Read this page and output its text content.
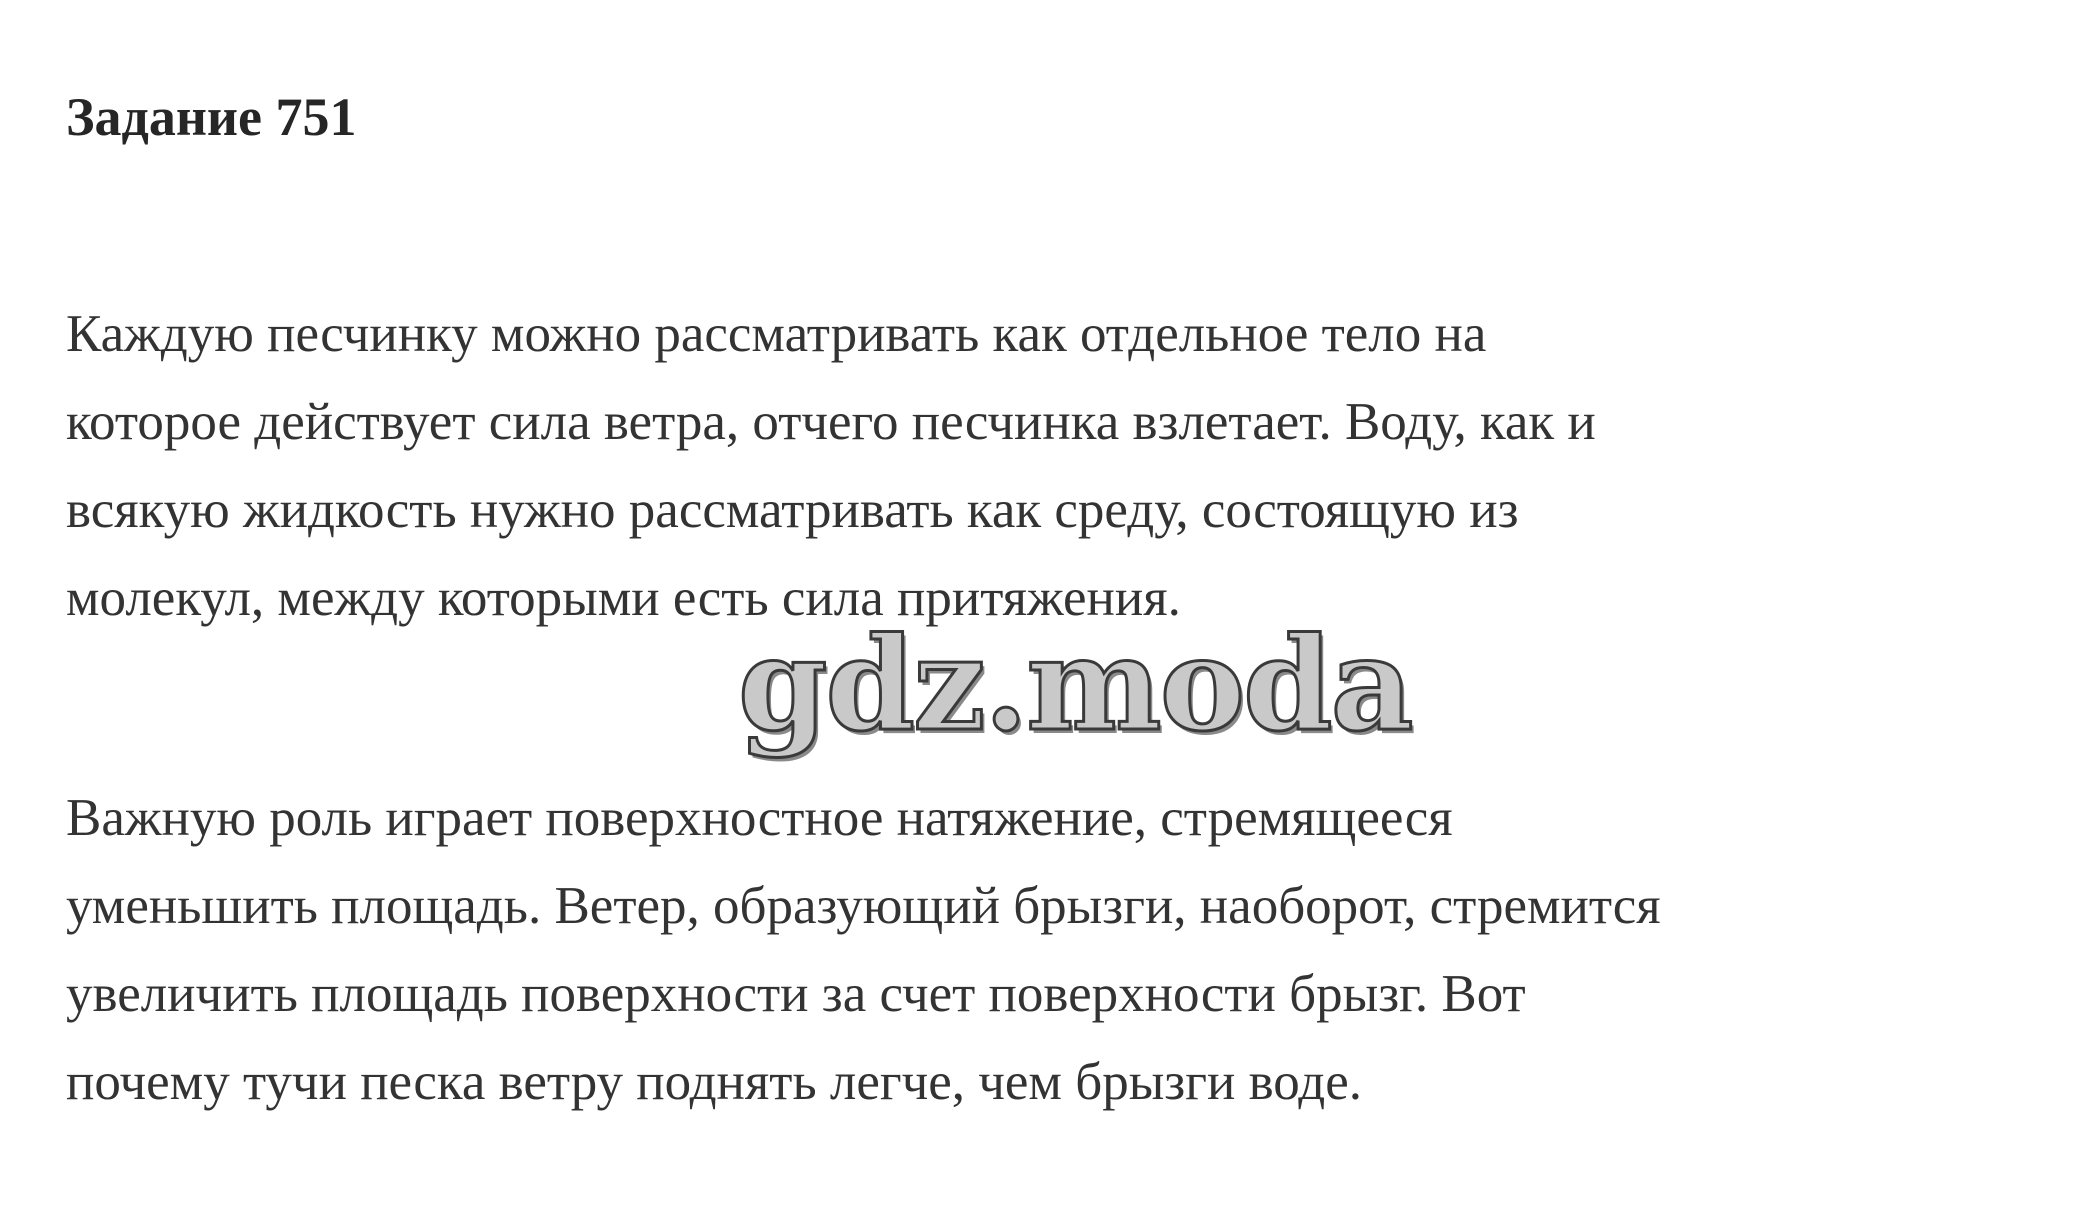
Задание 751
Каждую песчинку можно рассматривать как отдельное тело на
которое действует сила ветра, отчего песчинка взлетает. Воду, как и
всякую жидкость нужно рассматривать как среду, состоящую из
молекул, между которыми есть сила притяжения.
gdz.moda
Важную роль играет поверхностное натяжение, стремящееся
уменьшить площадь. Ветер, образующий брызги, наоборот, стремится
увеличить площадь поверхности за счет поверхности брызг. Вот
почему тучи песка ветру поднять легче, чем брызги воде.
